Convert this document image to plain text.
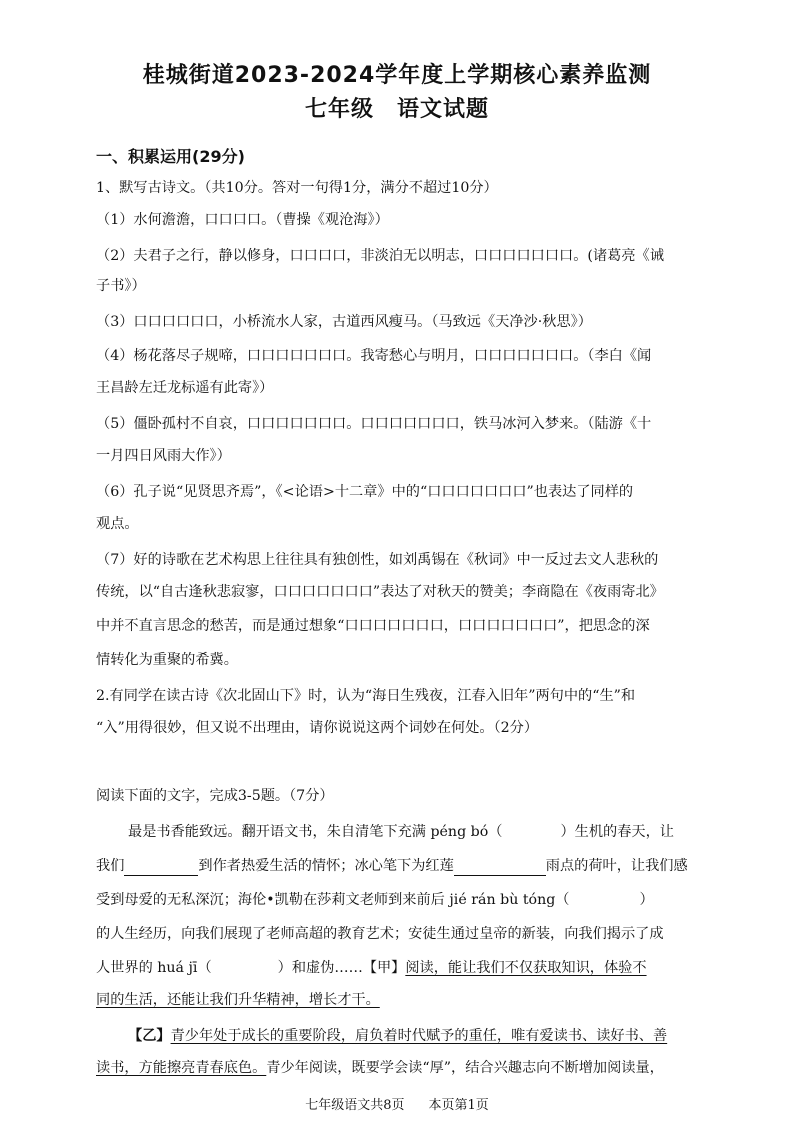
桂城街道2023-2024学年度上学期核心素养监测
七年级　语文试题
一、积累运用(29分)
1、默写古诗文。（共10分。答对一句得1分，满分不超过10分）
（1）水何澹澹，口口口口。（曹操《观沧海》）
（2）夫君子之行，静以修身，口口口口，非淡泊无以明志，口口口口口口口。(诸葛亮《诫
子书》）
（3）口口口口口口，小桥流水人家，古道西风瘦马。（马致远《天净沙·秋思》）
（4）杨花落尽子规啼，口口口口口口口。我寄愁心与明月，口口口口口口口。（李白《闻
王昌龄左迁龙标遥有此寄》）
（5）僵卧孤村不自哀，口口口口口口口。口口口口口口口，铁马冰河入梦来。（陆游《十
一月四日风雨大作》）
（6）孔子说“见贤思齐焉”，《<论语>十二章》中的“口口口口口口口”也表达了同样的
观点。
（7）好的诗歌在艺术构思上往往具有独创性，如刘禹锡在《秋词》中一反过去文人悲秋的
传统，以“自古逢秋悲寂寥，口口口口口口口”表达了对秋天的赞美；李商隐在《夜雨寄北》
中并不直言思念的愁苦，而是通过想象“口口口口口口口，口口口口口口口”，把思念的深
情转化为重聚的希冀。
2.有同学在读古诗《次北固山下》时，认为“海日生残夜，江春入旧年”两句中的“生”和
“入”用得很妙，但又说不出理由，请你说说这两个词妙在何处。（2分）
阅读下面的文字，完成3-5题。（7分）
最是书香能致远。翻开语文书，朱自清笔下充满 péng bó（	）生机的春天，让
我们	到作者热爱生活的情怀；冰心笔下为红莲	雨点的荷叶，让我们感
受到母爱的无私深沉；海伦•凯勒在莎莉文老师到来前后 jié rán bù tóng（	）
的人生经历，向我们展现了老师高超的教育艺术；安徒生通过皇帝的新装，向我们揭示了成
人世界的 huá jī（	）和虚伪……【甲】阅读，能让我们不仅获取知识，体验不
同的生活，还能让我们升华精神，增长才干。
【乙】青少年处于成长的重要阶段，肩负着时代赋予的重任，唯有爱读书、读好书、善
读书，方能擦亮青春底色。青少年阅读，既要学会读“厚”，结合兴趣志向不断增加阅读量，
七年级语文共8页 本页第1页
